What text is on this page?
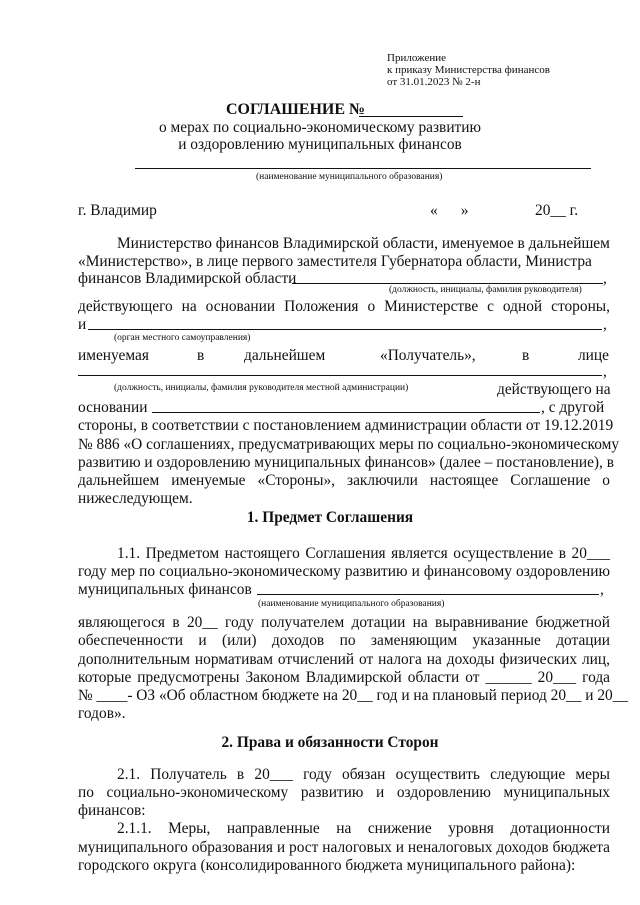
Приложение
к приказу Министерства финансов
от 31.01.2023 № 2-н
СОГЛАШЕНИЕ №
о мерах по социально-экономическому развитию
и оздоровлению муниципальных финансов
(наименование муниципального образования)
г. Владимир	«      »	20__ г.
Министерство финансов Владимирской области, именуемое в дальнейшем
«Министерство», в лице первого заместителя Губернатора области, Министра
финансов Владимирской области	,
(должность, инициалы, фамилия руководителя)
действующего на основании Положения о Министерстве с одной стороны,
и	,
(орган местного самоуправления)
именуемая	в	дальнейшем	«Получатель»,	в	лице
,
(должность, инициалы, фамилия руководителя местной администрации)	действующего на
основании	, с другой
стороны, в соответствии с постановлением администрации области от 19.12.2019
№ 886 «О соглашениях, предусматривающих меры по социально-экономическому
развитию и оздоровлению муниципальных финансов» (далее – постановление), в
дальнейшем именуемые «Стороны», заключили настоящее Соглашение о
нижеследующем.
1. Предмет Соглашения
1.1. Предметом настоящего Соглашения является осуществление в 20___
году мер по социально-экономическому развитию и финансовому оздоровлению
муниципальных финансов	,
(наименование муниципального образования)
являющегося в 20__ году получателем дотации на выравнивание бюджетной
обеспеченности и (или) доходов по заменяющим указанные дотации
дополнительным нормативам отчислений от налога на доходы физических лиц,
которые предусмотрены Законом Владимирской области от ______ 20___ года
№ ____- ОЗ «Об областном бюджете на 20__ год и на плановый период 20__ и 20__
годов».
2. Права и обязанности Сторон
2.1. Получатель в 20___ году обязан осуществить следующие меры
по социально-экономическому развитию и оздоровлению муниципальных
финансов:
2.1.1. Меры, направленные на снижение уровня дотационности
муниципального образования и рост налоговых и неналоговых доходов бюджета
городского округа (консолидированного бюджета муниципального района):
